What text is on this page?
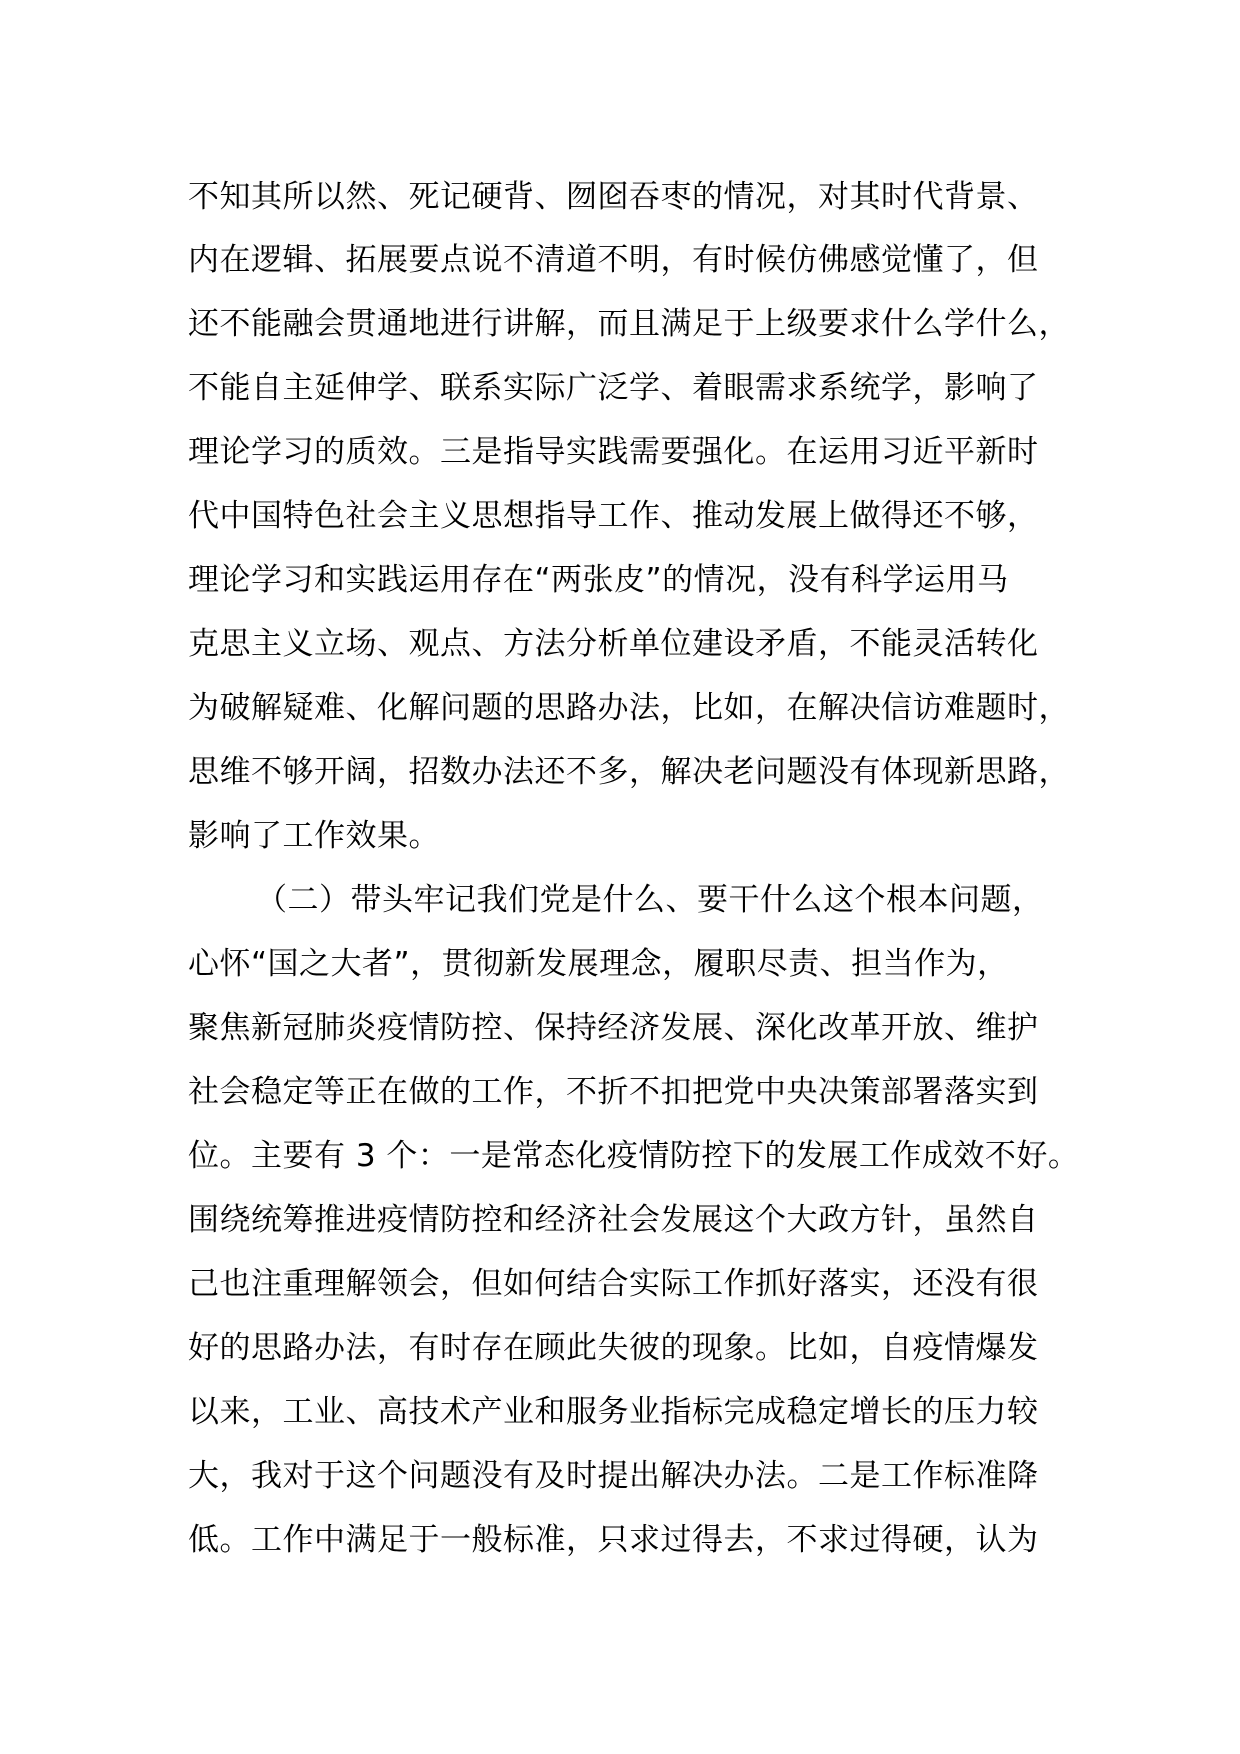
不知其所以然、死记硬背、囫囵吞枣的情况，对其时代背景、
内在逻辑、拓展要点说不清道不明，有时候仿佛感觉懂了，但
还不能融会贯通地进行讲解，而且满足于上级要求什么学什么，
不能自主延伸学、联系实际广泛学、着眼需求系统学，影响了
理论学习的质效。三是指导实践需要强化。在运用习近平新时
代中国特色社会主义思想指导工作、推动发展上做得还不够，
理论学习和实践运用存在“两张皮”的情况，没有科学运用马
克思主义立场、观点、方法分析单位建设矛盾，不能灵活转化
为破解疑难、化解问题的思路办法，比如，在解决信访难题时，
思维不够开阔，招数办法还不多，解决老问题没有体现新思路，
影响了工作效果。
（二）带头牢记我们党是什么、要干什么这个根本问题，
心怀“国之大者”，贯彻新发展理念，履职尽责、担当作为，
聚焦新冠肺炎疫情防控、保持经济发展、深化改革开放、维护
社会稳定等正在做的工作，不折不扣把党中央决策部署落实到
位。主要有 3 个：一是常态化疫情防控下的发展工作成效不好。
围绕统筹推进疫情防控和经济社会发展这个大政方针，虽然自
己也注重理解领会，但如何结合实际工作抓好落实，还没有很
好的思路办法，有时存在顾此失彼的现象。比如，自疫情爆发
以来，工业、高技术产业和服务业指标完成稳定增长的压力较
大，我对于这个问题没有及时提出解决办法。二是工作标准降
低。工作中满足于一般标准，只求过得去，不求过得硬，认为
